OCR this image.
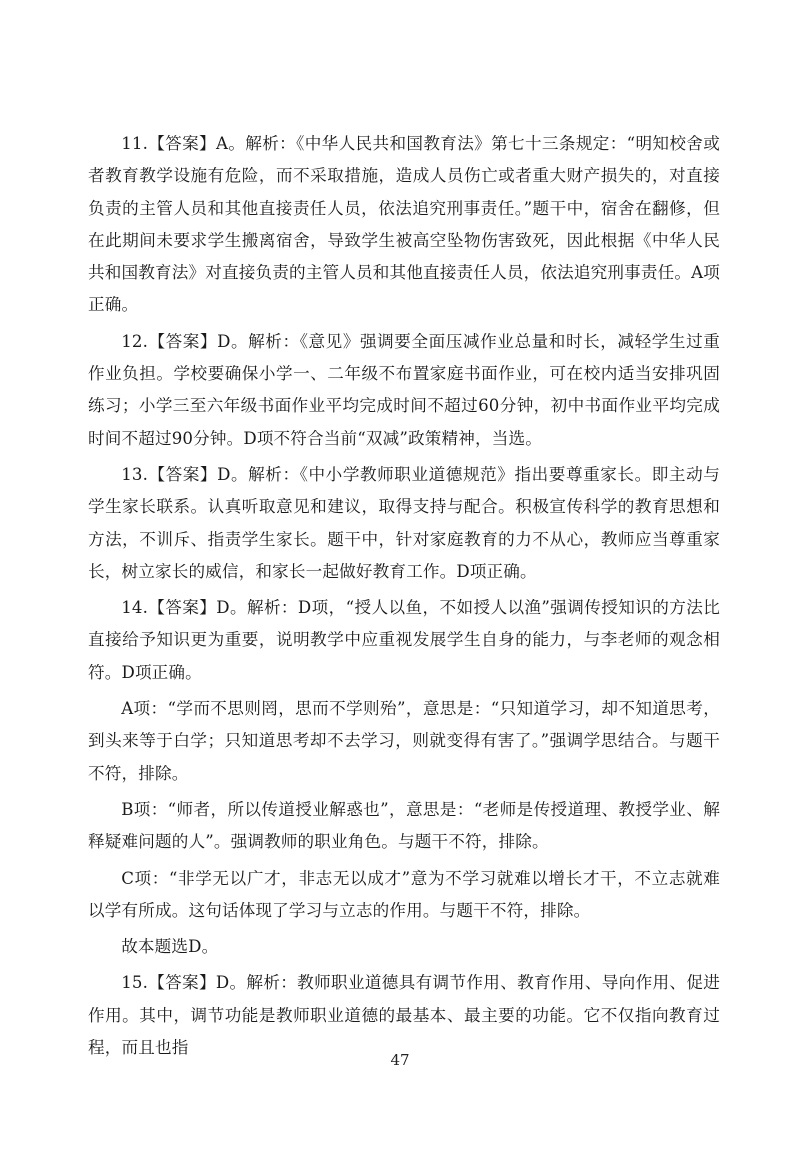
11.【答案】A。解析：《中华人民共和国教育法》第七十三条规定：“明知校舍或者教育教学设施有危险，而不采取措施，造成人员伤亡或者重大财产损失的，对直接负责的主管人员和其他直接责任人员，依法追究刑事责任。”题干中，宿舍在翻修，但在此期间未要求学生搬离宿舍，导致学生被高空坠物伤害致死，因此根据《中华人民共和国教育法》对直接负责的主管人员和其他直接责任人员，依法追究刑事责任。A项正确。

12.【答案】D。解析：《意见》强调要全面压减作业总量和时长，减轻学生过重作业负担。学校要确保小学一、二年级不布置家庭书面作业，可在校内适当安排巩固练习；小学三至六年级书面作业平均完成时间不超过60分钟，初中书面作业平均完成时间不超过90分钟。D项不符合当前“双减”政策精神，当选。

13.【答案】D。解析：《中小学教师职业道德规范》指出要尊重家长。即主动与学生家长联系。认真听取意见和建议，取得支持与配合。积极宣传科学的教育思想和方法，不训斥、指责学生家长。题干中，针对家庭教育的力不从心，教师应当尊重家长，树立家长的威信，和家长一起做好教育工作。D项正确。

14.【答案】D。解析：D项，“授人以鱼，不如授人以渔”强调传授知识的方法比直接给予知识更为重要，说明教学中应重视发展学生自身的能力，与李老师的观念相符。D项正确。

A项：“学而不思则罔，思而不学则殆”，意思是：“只知道学习，却不知道思考，到头来等于白学；只知道思考却不去学习，则就变得有害了。”强调学思结合。与题干不符，排除。

B项：“师者，所以传道授业解惑也”，意思是：“老师是传授道理、教授学业、解释疑难问题的人”。强调教师的职业角色。与题干不符，排除。

C项：“非学无以广才，非志无以成才”意为不学习就难以增长才干，不立志就难以学有所成。这句话体现了学习与立志的作用。与题干不符，排除。

故本题选D。

15.【答案】D。解析：教师职业道德具有调节作用、教育作用、导向作用、促进作用。其中，调节功能是教师职业道德的最基本、最主要的功能。它不仅指向教育过程，而且也指

47
